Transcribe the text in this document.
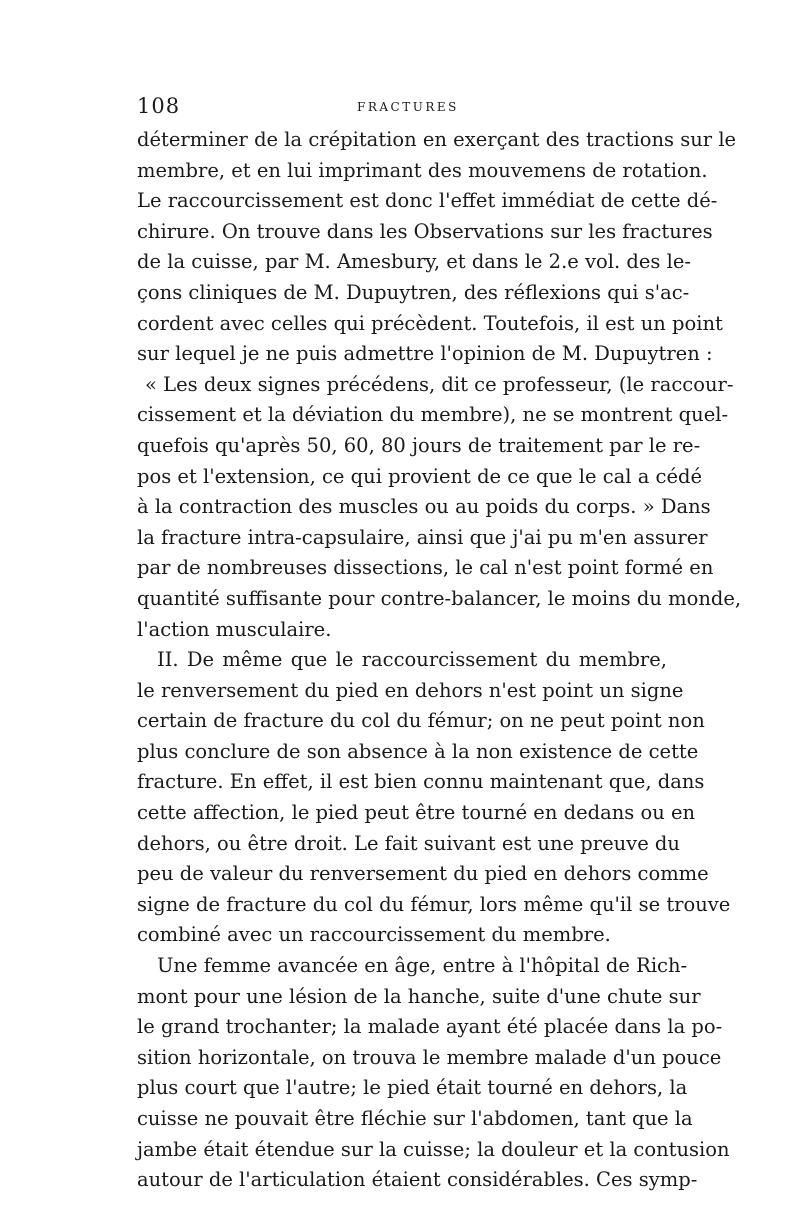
108	FRACTURES
déterminer de la crépitation en exerçant des tractions sur le
membre, et en lui imprimant des mouvemens de rotation.
Le raccourcissement est donc l'effet immédiat de cette dé-
chirure. On trouve dans les Observations sur les fractures
de la cuisse, par M. Amesbury, et dans le 2.e vol. des le-
çons cliniques de M. Dupuytren, des réflexions qui s'ac-
cordent avec celles qui précèdent. Toutefois, il est un point
sur lequel je ne puis admettre l'opinion de M. Dupuytren :
« Les deux signes précédens, dit ce professeur, (le raccour-
cissement et la déviation du membre), ne se montrent quel-
quefois qu'après 50, 60, 80 jours de traitement par le re-
pos et l'extension, ce qui provient de ce que le cal a cédé
à la contraction des muscles ou au poids du corps. » Dans
la fracture intra-capsulaire, ainsi que j'ai pu m'en assurer
par de nombreuses dissections, le cal n'est point formé en
quantité suffisante pour contre-balancer, le moins du monde,
l'action musculaire.
II. De même que le raccourcissement du membre,
le renversement du pied en dehors n'est point un signe
certain de fracture du col du fémur; on ne peut point non
plus conclure de son absence à la non existence de cette
fracture. En effet, il est bien connu maintenant que, dans
cette affection, le pied peut être tourné en dedans ou en
dehors, ou être droit. Le fait suivant est une preuve du
peu de valeur du renversement du pied en dehors comme
signe de fracture du col du fémur, lors même qu'il se trouve
combiné avec un raccourcissement du membre.
Une femme avancée en âge, entre à l'hôpital de Rich-
mont pour une lésion de la hanche, suite d'une chute sur
le grand trochanter; la malade ayant été placée dans la po-
sition horizontale, on trouva le membre malade d'un pouce
plus court que l'autre; le pied était tourné en dehors, la
cuisse ne pouvait être fléchie sur l'abdomen, tant que la
jambe était étendue sur la cuisse; la douleur et la contusion
autour de l'articulation étaient considérables. Ces symp-
